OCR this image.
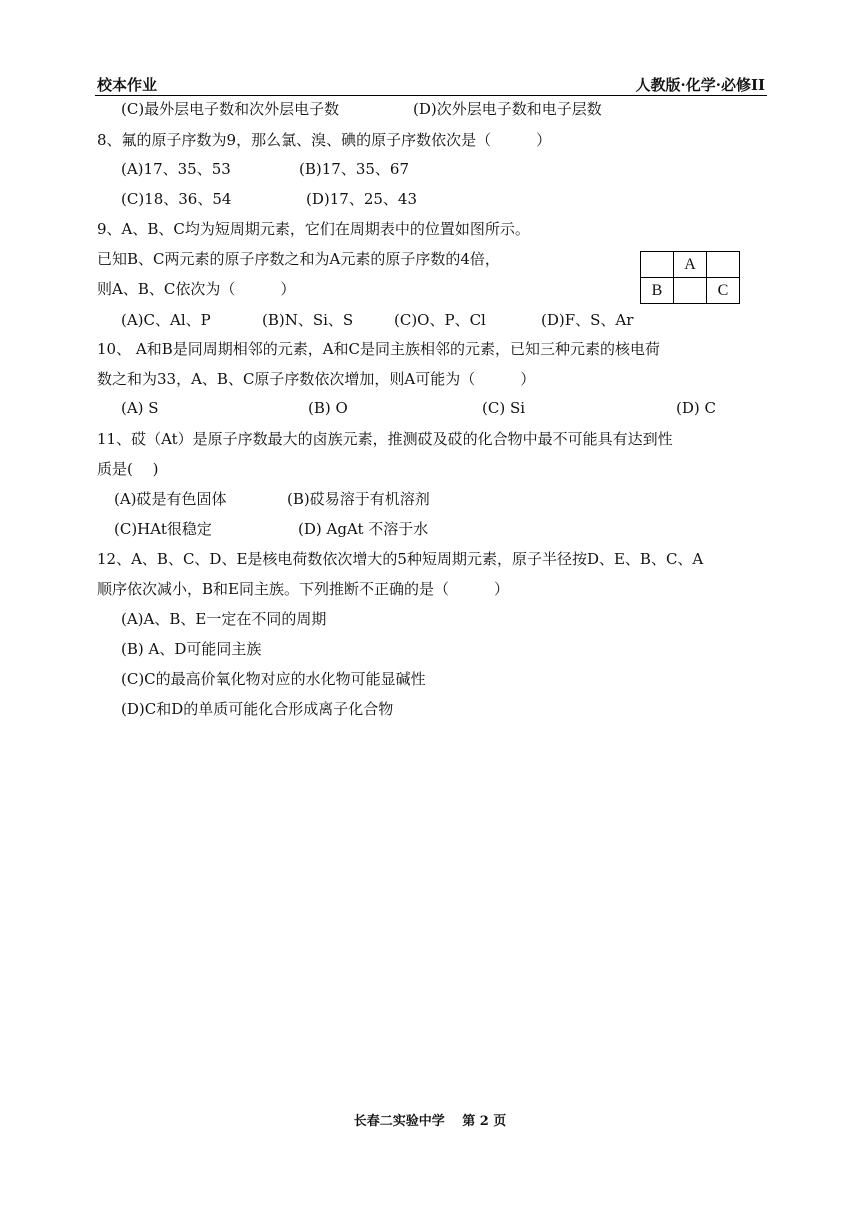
校本作业	人教版·化学·必修II
(C)最外层电子数和次外层电子数	(D)次外层电子数和电子层数
8、氟的原子序数为9，那么氯、溴、碘的原子序数依次是（　　　）
(A)17、35、53	(B)17、35、67
(C)18、36、54	(D)17、25、43
9、A、B、C均为短周期元素，它们在周期表中的位置如图所示。
已知B、C两元素的原子序数之和为A元素的原子序数的4倍，
则A、B、C依次为（　　　）
	A	
B		C
(A)C、Al、P	(B)N、Si、S	(C)O、P、Cl	(D)F、S、Ar
10、 A和B是同周期相邻的元素，A和C是同主族相邻的元素，已知三种元素的核电荷
数之和为33，A、B、C原子序数依次增加，则A可能为（　　　）
(A) S	(B) O	(C) Si	(D) C
11、砹（At）是原子序数最大的卤族元素，推测砹及砹的化合物中最不可能具有达到性
质是(　 )
(A)砹是有色固体	(B)砹易溶于有机溶剂
(C)HAt很稳定	(D) AgAt 不溶于水
12、A、B、C、D、E是核电荷数依次增大的5种短周期元素，原子半径按D、E、B、C、A
顺序依次减小，B和E同主族。下列推断不正确的是（　　　）
(A)A、B、E一定在不同的周期
(B) A、D可能同主族
(C)C的最高价氧化物对应的水化物可能显碱性
(D)C和D的单质可能化合形成离子化合物
长春二实验中学　 第 2 页
